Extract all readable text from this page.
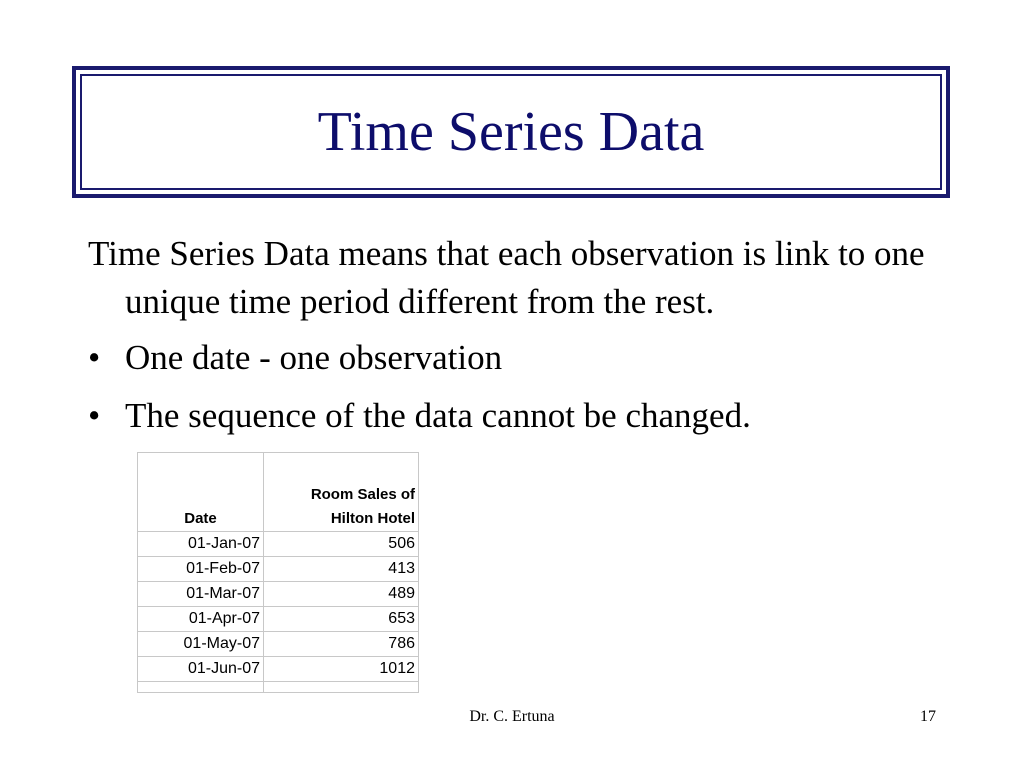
Time Series Data

Time Series Data means that each observation is link to one unique time period different from the rest.

• One date - one observation
• The sequence of the data cannot be changed.
Date	Room Sales of
Hilton Hotel
01-Jan-07	506
01-Feb-07	413
01-Mar-07	489
01-Apr-07	653
01-May-07	786
01-Jun-07	1012

Dr. C. Ertuna	17
